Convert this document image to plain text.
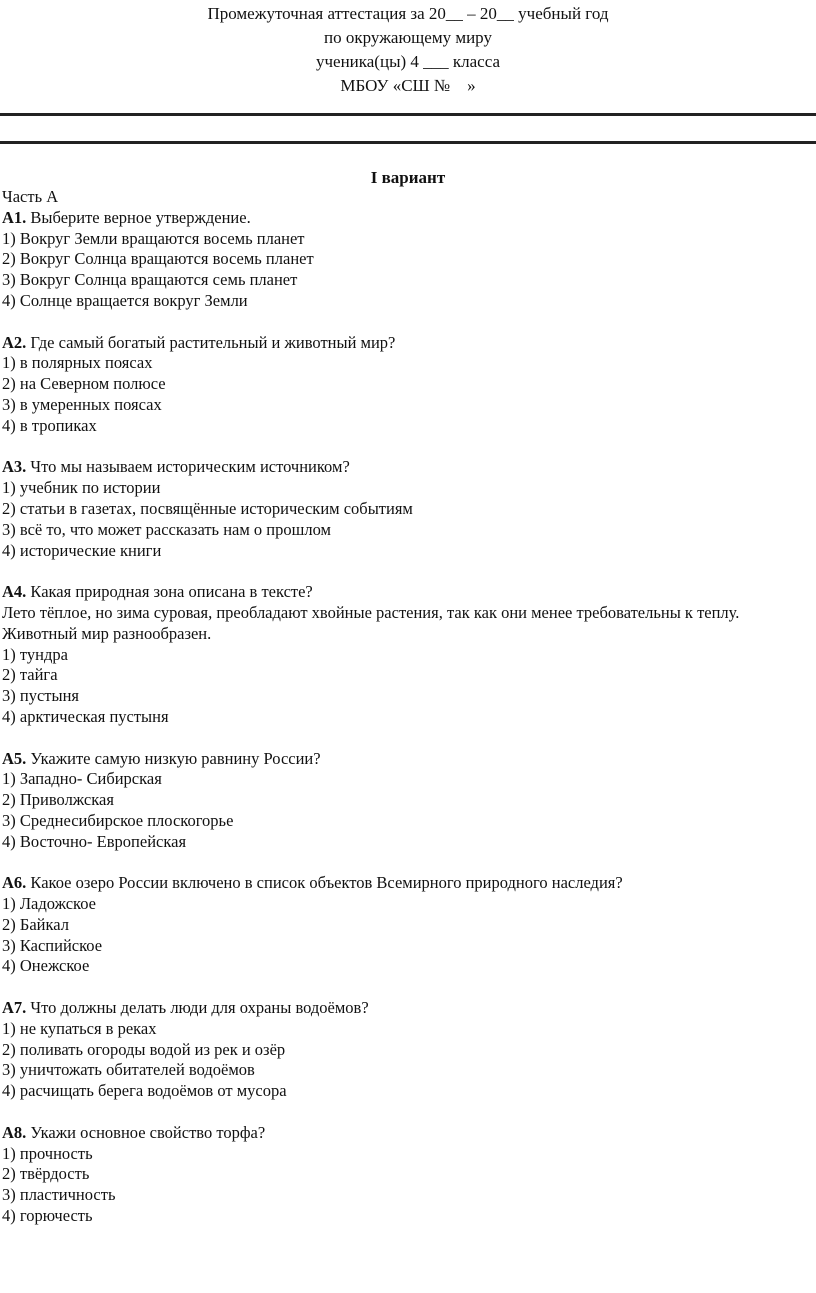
Промежуточная аттестация за 20__ – 20__ учебный год
по окружающему миру
ученика(цы) 4 ___ класса
МБОУ «СШ №    »
I вариант

Часть А

А1. Выберите верное утверждение.

1) Вокруг Земли вращаются восемь планет

2) Вокруг Солнца вращаются восемь планет

3) Вокруг Солнца вращаются семь планет

4) Солнце вращается вокруг Земли

А2. Где самый богатый растительный и животный мир?

1) в полярных поясах

2) на Северном полюсе

3) в умеренных поясах

4) в тропиках

А3. Что мы называем историческим источником?

1) учебник по истории

2) статьи в газетах, посвящённые историческим событиям

3) всё то, что может рассказать нам о прошлом

4) исторические книги

А4. Какая природная зона описана в тексте?

Лето тёплое, но зима суровая, преобладают хвойные растения, так как они менее требовательны к теплу. Животный мир разнообразен.

1) тундра

2) тайга

3) пустыня

4) арктическая пустыня

А5. Укажите самую низкую равнину России?

1) Западно- Сибирская

2) Приволжская

3) Среднесибирское плоскогорье

4) Восточно- Европейская

А6. Какое озеро России включено в список объектов Всемирного природного наследия?

1) Ладожское

2) Байкал

3) Каспийское

4) Онежское

А7. Что должны делать люди для охраны водоёмов?

1) не купаться в реках

2) поливать огороды водой из рек и озёр

3) уничтожать обитателей водоёмов

4) расчищать берега водоёмов от мусора

А8. Укажи основное свойство торфа?

1) прочность

2) твёрдость

3) пластичность

4) горючесть
